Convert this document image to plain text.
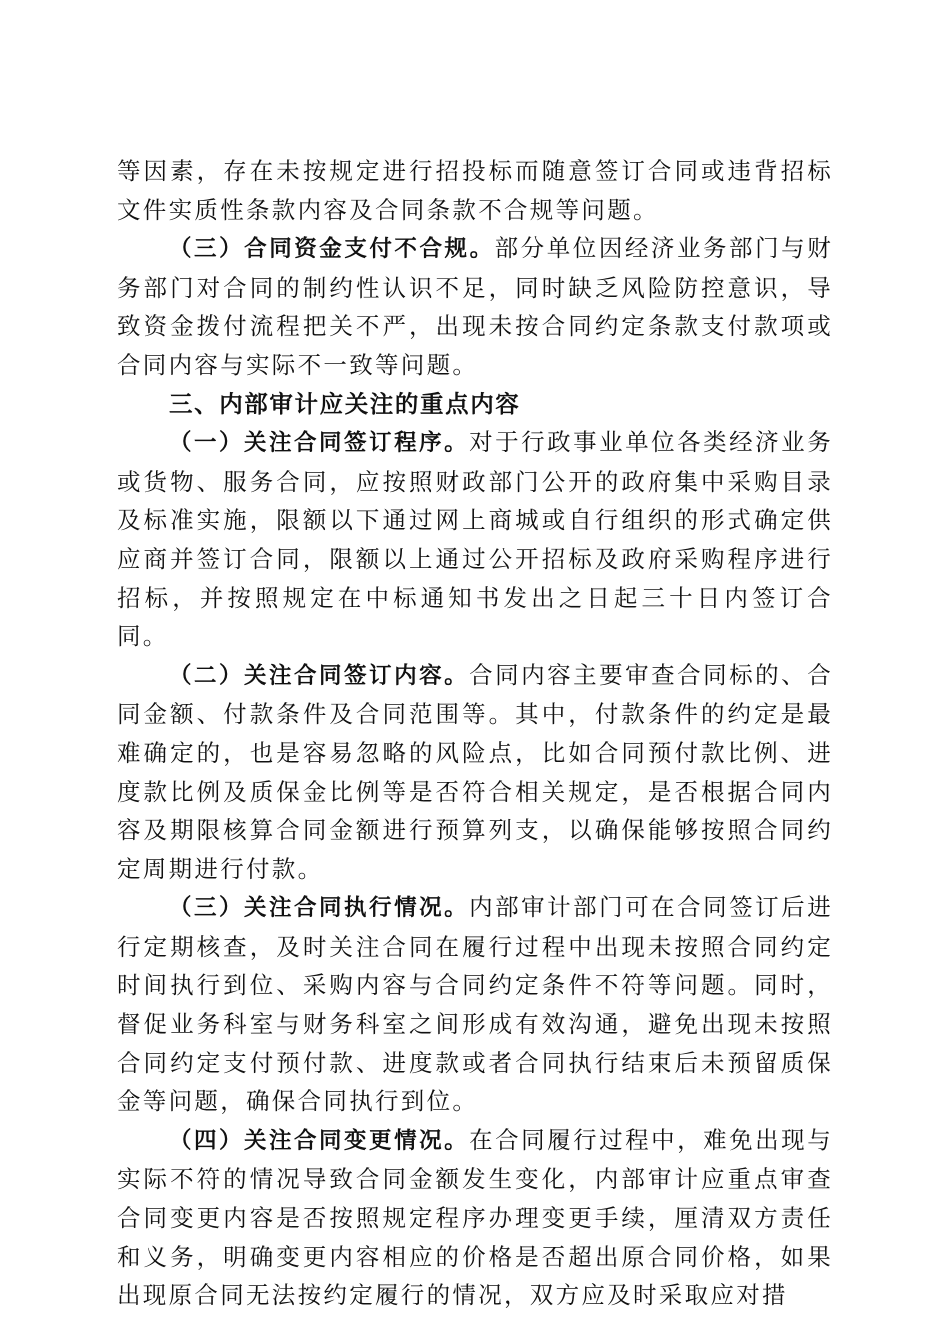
等因素，存在未按规定进行招投标而随意签订合同或违背招标文件实质性条款内容及合同条款不合规等问题。

（三）合同资金支付不合规。部分单位因经济业务部门与财务部门对合同的制约性认识不足，同时缺乏风险防控意识，导致资金拨付流程把关不严，出现未按合同约定条款支付款项或合同内容与实际不一致等问题。

三、内部审计应关注的重点内容

（一）关注合同签订程序。对于行政事业单位各类经济业务或货物、服务合同，应按照财政部门公开的政府集中采购目录及标准实施，限额以下通过网上商城或自行组织的形式确定供应商并签订合同，限额以上通过公开招标及政府采购程序进行招标，并按照规定在中标通知书发出之日起三十日内签订合同。

（二）关注合同签订内容。合同内容主要审查合同标的、合同金额、付款条件及合同范围等。其中，付款条件的约定是最难确定的，也是容易忽略的风险点，比如合同预付款比例、进度款比例及质保金比例等是否符合相关规定，是否根据合同内容及期限核算合同金额进行预算列支，以确保能够按照合同约定周期进行付款。

（三）关注合同执行情况。内部审计部门可在合同签订后进行定期核查，及时关注合同在履行过程中出现未按照合同约定时间执行到位、采购内容与合同约定条件不符等问题。同时，督促业务科室与财务科室之间形成有效沟通，避免出现未按照合同约定支付预付款、进度款或者合同执行结束后未预留质保金等问题，确保合同执行到位。

（四）关注合同变更情况。在合同履行过程中，难免出现与实际不符的情况导致合同金额发生变化，内部审计应重点审查合同变更内容是否按照规定程序办理变更手续，厘清双方责任和义务，明确变更内容相应的价格是否超出原合同价格，如果出现原合同无法按约定履行的情况，双方应及时采取应对措
